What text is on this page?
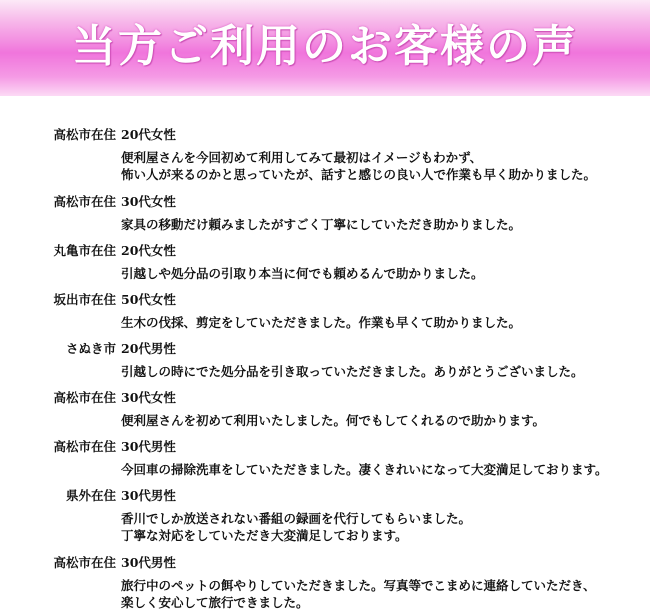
当方ご利用のお客様の声
高松市在住 20代女性
便利屋さんを今回初めて利用してみて最初はイメージもわかず、
怖い人が来るのかと思っていたが、話すと感じの良い人で作業も早く助かりました。
高松市在住 30代女性
家具の移動だけ頼みましたがすごく丁寧にしていただき助かりました。
丸亀市在住 20代女性
引越しや処分品の引取り本当に何でも頼めるんで助かりました。
坂出市在住 50代女性
生木の伐採、剪定をしていただきました。作業も早くて助かりました。
さぬき市 20代男性
引越しの時にでた処分品を引き取っていただきました。ありがとうございました。
高松市在住 30代女性
便利屋さんを初めて利用いたしました。何でもしてくれるので助かります。
高松市在住 30代男性
今回車の掃除洗車をしていただきました。凄くきれいになって大変満足しております。
県外在住 30代男性
香川でしか放送されない番組の録画を代行してもらいました。
丁寧な対応をしていただき大変満足しております。
高松市在住 30代男性
旅行中のペットの餌やりしていただきました。写真等でこまめに連絡していただき、
楽しく安心して旅行できました。
